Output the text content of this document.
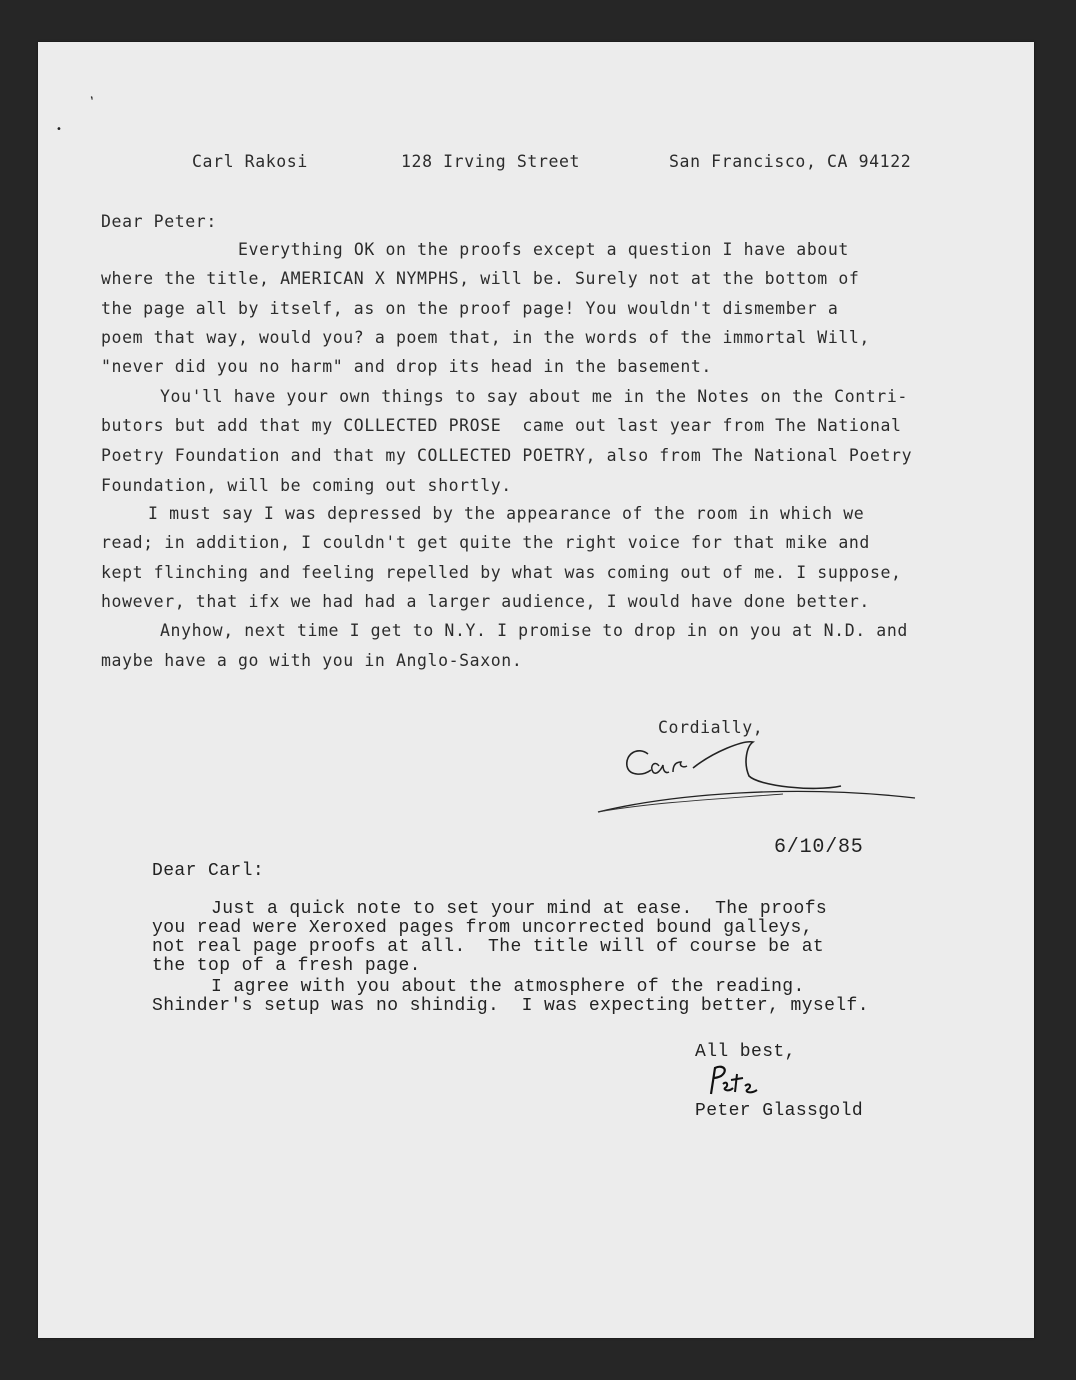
’
•
Carl Rakosi	128 Irving Street	San Francisco, CA 94122
Dear Peter:
Everything OK on the proofs except a question I have about
where the title, AMERICAN X NYMPHS, will be. Surely not at the bottom of
the page all by itself, as on the proof page! You wouldn't dismember a
poem that way, would you? a poem that, in the words of the immortal Will,
"never did you no harm" and drop its head in the basement.
You'll have your own things to say about me in the Notes on the Contri-
butors but add that my COLLECTED PROSE  came out last year from The National
Poetry Foundation and that my COLLECTED POETRY, also from The National Poetry
Foundation, will be coming out shortly.
I must say I was depressed by the appearance of the room in which we
read; in addition, I couldn't get quite the right voice for that mike and
kept flinching and feeling repelled by what was coming out of me. I suppose,
however, that ifx we had had a larger audience, I would have done better.
Anyhow, next time I get to N.Y. I promise to drop in on you at N.D. and
maybe have a go with you in Anglo-Saxon.
Cordially,
6/10/85
Dear Carl:
Just a quick note to set your mind at ease.  The proofs
you read were Xeroxed pages from uncorrected bound galleys,
not real page proofs at all.  The title will of course be at
the top of a fresh page.
I agree with you about the atmosphere of the reading.
Shinder's setup was no shindig.  I was expecting better, myself.
All best,
Peter Glassgold
